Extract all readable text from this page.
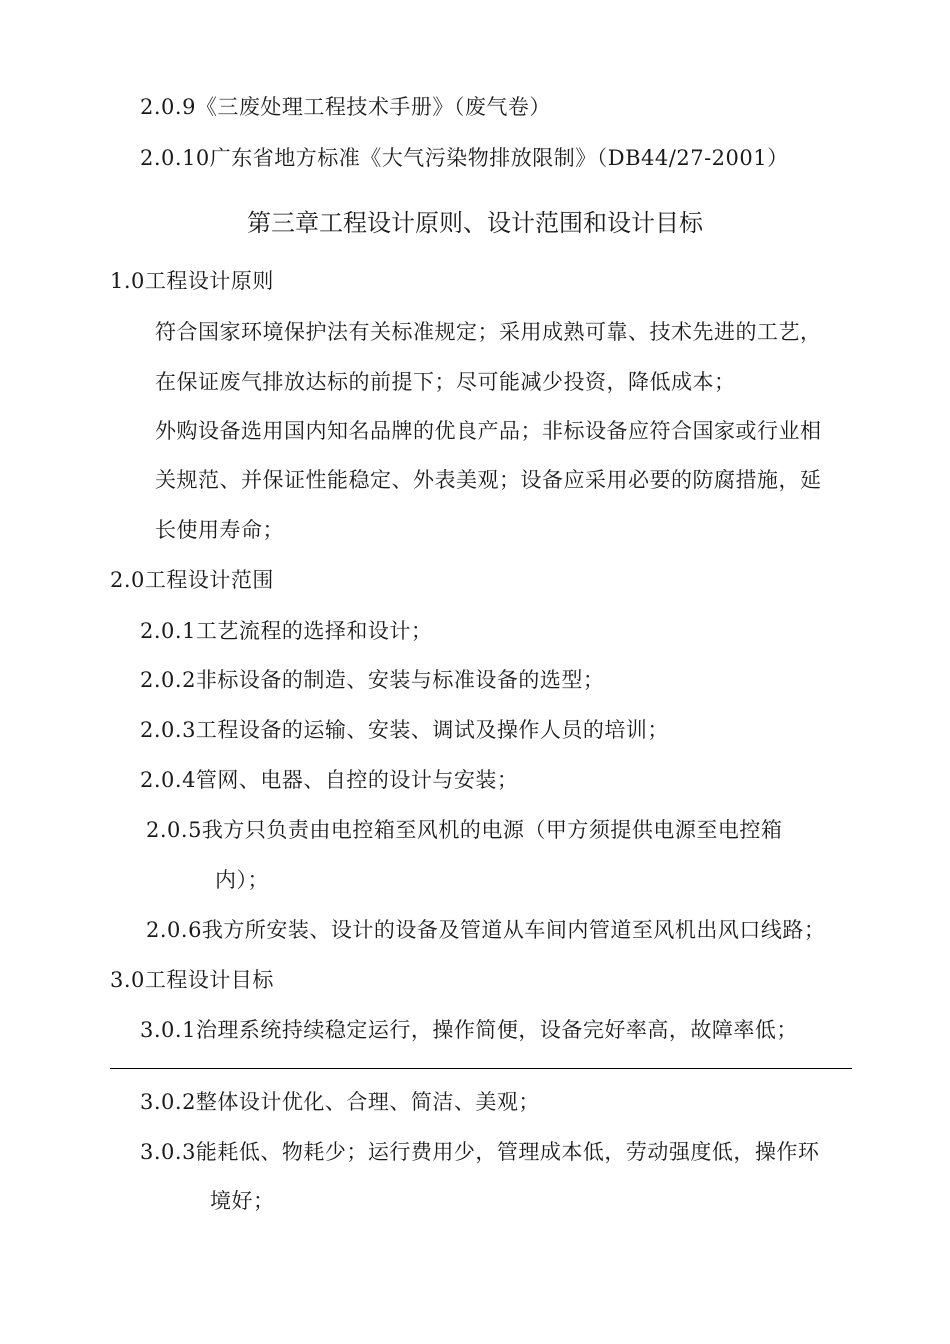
2.0.9《三废处理工程技术手册》（废气卷）
2.0.10广东省地方标准《大气污染物排放限制》（DB44/27-2001）
第三章工程设计原则、设计范围和设计目标
1.0工程设计原则
符合国家环境保护法有关标准规定；采用成熟可靠、技术先进的工艺，
在保证废气排放达标的前提下；尽可能减少投资，降低成本；
外购设备选用国内知名品牌的优良产品；非标设备应符合国家或行业相
关规范、并保证性能稳定、外表美观；设备应采用必要的防腐措施，延
长使用寿命；
2.0工程设计范围
2.0.1工艺流程的选择和设计；
2.0.2非标设备的制造、安装与标准设备的选型；
2.0.3工程设备的运输、安装、调试及操作人员的培训；
2.0.4管网、电器、自控的设计与安装；
2.0.5我方只负责由电控箱至风机的电源（甲方须提供电源至电控箱
内）；
2.0.6我方所安装、设计的设备及管道从车间内管道至风机出风口线路；
3.0工程设计目标
3.0.1治理系统持续稳定运行，操作简便，设备完好率高，故障率低；
3.0.2整体设计优化、合理、简洁、美观；
3.0.3能耗低、物耗少；运行费用少，管理成本低，劳动强度低，操作环
境好；
